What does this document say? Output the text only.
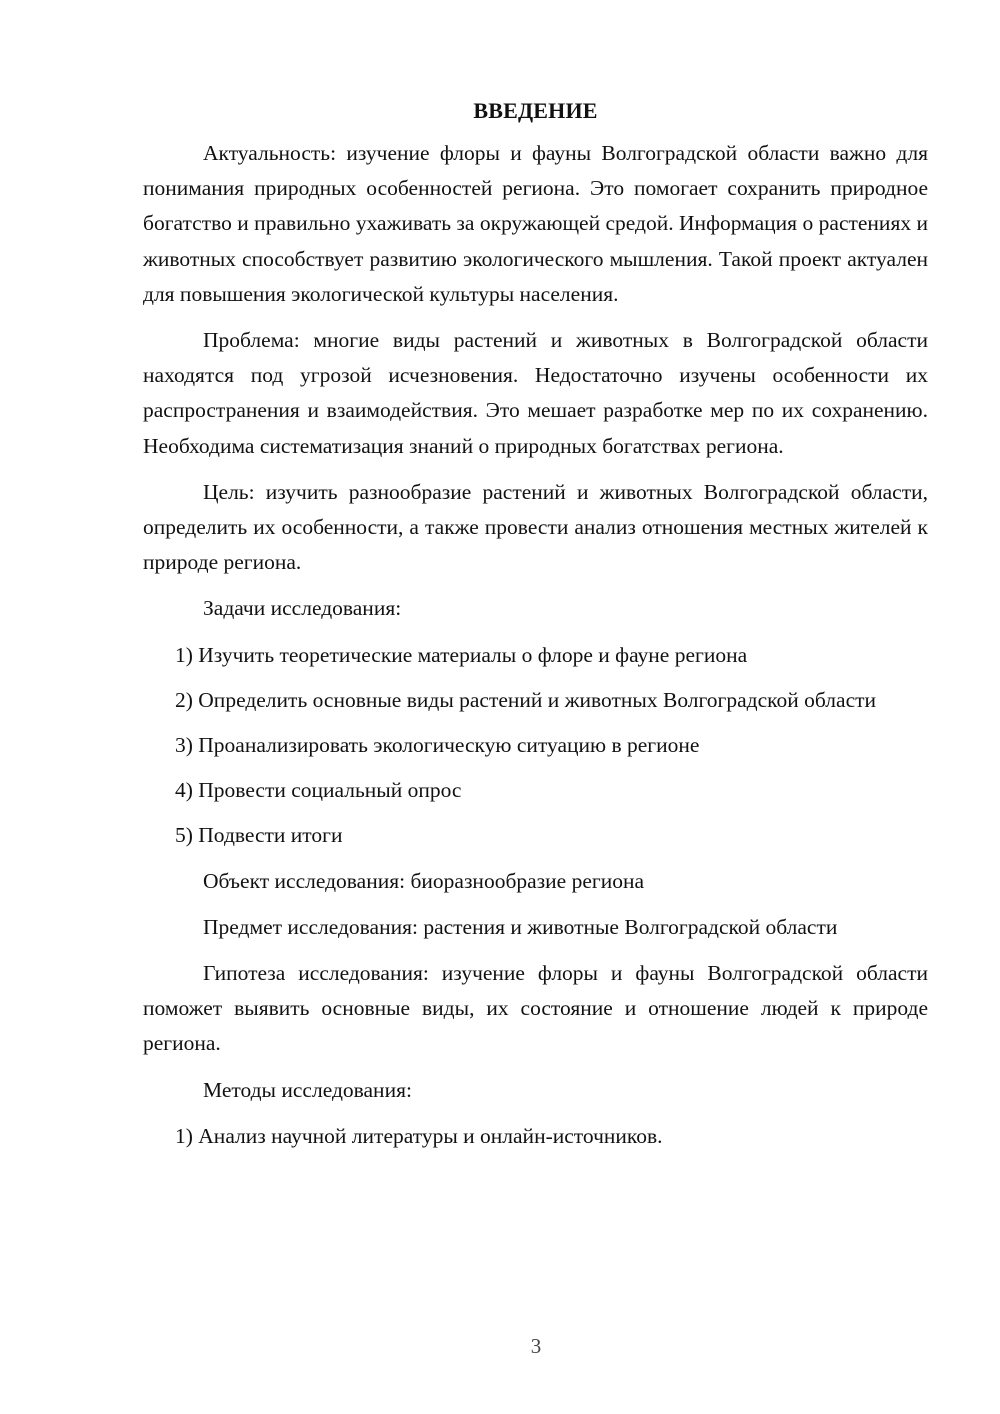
ВВЕДЕНИЕ

Актуальность: изучение флоры и фауны Волгоградской области важно для понимания природных особенностей региона. Это помогает сохранить природное богатство и правильно ухаживать за окружающей средой. Информация о растениях и животных способствует развитию экологического мышления. Такой проект актуален для повышения экологической культуры населения.

Проблема: многие виды растений и животных в Волгоградской области находятся под угрозой исчезновения. Недостаточно изучены особенности их распространения и взаимодействия. Это мешает разработке мер по их сохранению. Необходима систематизация знаний о природных богатствах региона.

Цель: изучить разнообразие растений и животных Волгоградской области, определить их особенности, а также провести анализ отношения местных жителей к природе региона.

Задачи исследования:

1) Изучить теоретические материалы о флоре и фауне региона

2) Определить основные виды растений и животных Волгоградской области

3) Проанализировать экологическую ситуацию в регионе

4) Провести социальный опрос

5) Подвести итоги

Объект исследования: биоразнообразие региона

Предмет исследования: растения и животные Волгоградской области

Гипотеза исследования: изучение флоры и фауны Волгоградской области поможет выявить основные виды, их состояние и отношение людей к природе региона.

Методы исследования:

1) Анализ научной литературы и онлайн-источников.

3
